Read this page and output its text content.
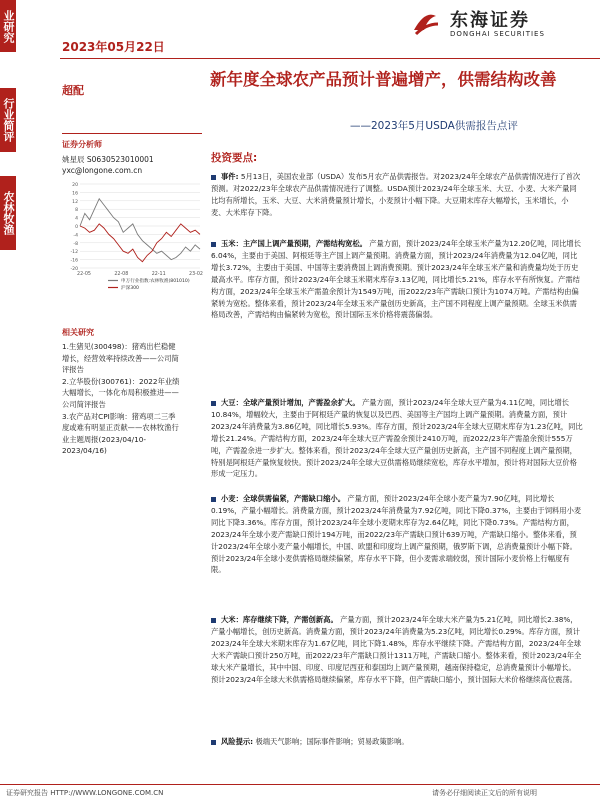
业研究
行业简评
农林牧渔
2023年05月22日
东海证券
DONGHAI SECURITIES
超配
新年度全球农产品预计普遍增产，供需结构改善
——2023年5月USDA供需报告点评
证券分析师
姚星辰 S0630523010001
yxc@longone.com.cn
-20
-16
-12
-8
-4
0
4
8
12
16
20
22-05	22-08	22-11	23-02
申万行业指数:农林牧渔(801010)
沪深300
相关研究
1.生猪见(300498)：猪鸡出栏稳健增长，经营效率持续改善——公司简评报告
2.立华股份(300761)：2022年业绩大幅增长，一体化布局积极推进——公司简评报告
3.农产品对CPI影响：猪鸡项二三季度或难有明显正贡献——农林牧渔行业主题周报(2023/04/10-2023/04/16)
投资要点:
事件: 5月13日，美国农业部（USDA）发布5月农产品供需报告。对2023/24年全球农产品供需情况进行了首次预测。对2022/23年全球农产品供需情况进行了调整。USDA预计2023/24年全球玉米、大豆、小麦、大米产量同比均有所增长，玉米、大豆、大米消费量预计增长，小麦预计小幅下降。大豆期末库存大幅增长，玉米增长，小麦、大米库存下降。
玉米：主产国上调产量预期，产需结构宽松。 产量方面，预计2023/24年全球玉米产量为12.20亿吨，同比增长6.04%，主要由于美国、阿根廷等主产国上调产量预期。消费量方面，预计2023/24年消费量为12.04亿吨，同比增长3.72%，主要由于美国、中国等主要消费国上调消费预期。预计2023/24年全球玉米产量和消费量均处于历史最高水平。库存方面，预计2023/24年全球玉米期末库存3.13亿吨，同比增长5.21%，库存水平有所恢复。产需结构方面，2023/24年全球玉米产需盈余预计为1549万吨，而2022/23年产需缺口预计为1074万吨。产需结构由偏紧转为宽松。整体来看，预计2023/24年全球玉米产量创历史新高，主产国不同程度上调产量预期。全球玉米供需格局改善，产需结构由偏紧转为宽松，预计国际玉米价格将震荡偏弱。
大豆：全球产量预计增加，产需盈余扩大。 产量方面，预计2023/24年全球大豆产量为4.11亿吨，同比增长10.84%，增幅较大，主要由于阿根廷产量的恢复以及巴西、美国等主产国均上调产量预期。消费量方面，预计2023/24年消费量为3.86亿吨，同比增长5.93%。库存方面，预计2023/24年全球大豆期末库存为1.23亿吨，同比增长21.24%。产需结构方面，2023/24年全球大豆产需盈余预计2410万吨，而2022/23年产需盈余预计555万吨，产需盈余进一步扩大。整体来看，预计2023/24年全球大豆产量创历史新高，主产国不同程度上调产量预期，特别是阿根廷产量恢复较快。预计2023/24年全球大豆供需格局继续宽松，库存水平增加，预计将对国际大豆价格形成一定压力。
小麦：全球供需偏紧，产需缺口缩小。 产量方面，预计2023/24年全球小麦产量为7.90亿吨，同比增长0.19%，产量小幅增长。消费量方面，预计2023/24年消费量为7.92亿吨，同比下降0.37%，主要由于饲料用小麦同比下降3.36%。库存方面，预计2023/24年全球小麦期末库存为2.64亿吨，同比下降0.73%。产需结构方面，2023/24年全球小麦产需缺口预计194万吨，而2022/23年产需缺口预计639万吨，产需缺口缩小。整体来看，预计2023/24年全球小麦产量小幅增长，中国、欧盟和印度均上调产量预期，俄罗斯下调，总消费量预计小幅下降。预计2023/24年全球小麦供需格局继续偏紧，库存水平下降，但小麦需求端较弱，预计国际小麦价格上行幅度有限。
大米：库存继续下降，产需创新高。 产量方面，预计2023/24年全球大米产量为5.21亿吨，同比增长2.38%，产量小幅增长，创历史新高。消费量方面，预计2023/24年消费量为5.23亿吨，同比增长0.29%。库存方面，预计2023/24年全球大米期末库存为1.67亿吨，同比下降1.48%，库存水平继续下降。产需结构方面，2023/24年全球大米产需缺口预计250万吨，而2022/23年产需缺口预计1311万吨，产需缺口缩小。整体来看，预计2023/24年全球大米产量增长，其中中国、印度、印度尼西亚和泰国均上调产量预期，越南保持稳定，总消费量预计小幅增长。预计2023/24年全球大米供需格局继续偏紧，库存水平下降，但产需缺口缩小，预计国际大米价格继续高位震荡。
风险提示: 极端天气影响；国际事件影响；贸易政策影响。
证券研究报告 HTTP://WWW.LONGONE.COM.CN	请务必仔细阅读正文后的所有说明
